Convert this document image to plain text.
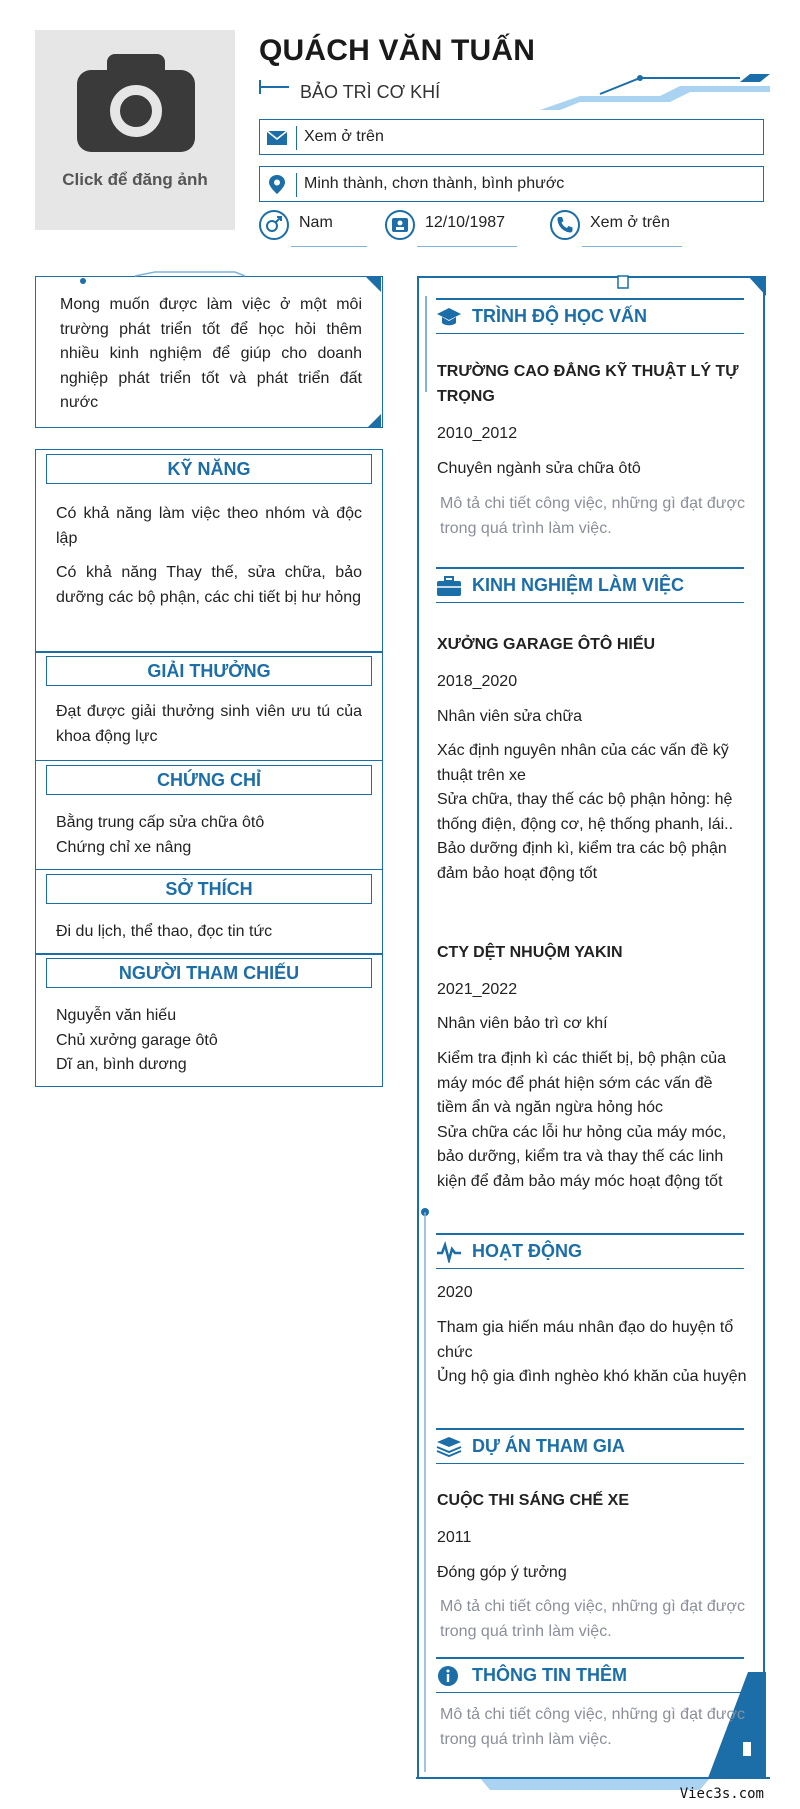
Click để đăng ảnh
QUÁCH VĂN TUẤN
BẢO TRÌ CƠ KHÍ
Xem ở trên
Minh thành, chơn thành, bình phước
Nam	12/10/1987	Xem ở trên
Mong muốn được làm việc ở một môi trường phát triển tốt để học hỏi thêm nhiều kinh nghiệm để giúp cho doanh nghiệp phát triển tốt và phát triển đất nước
KỸ NĂNG

Có khả năng làm việc theo nhóm và độc lập

Có khả năng Thay thế, sửa chữa, bảo dưỡng các bộ phận, các chi tiết bị hư hỏng

GIẢI THƯỞNG
Đạt được giải thưởng sinh viên ưu tú của khoa động lực
CHỨNG CHỈ
Bằng trung cấp sửa chữa ôtô
Chứng chỉ xe nâng
SỞ THÍCH
Đi du lịch, thể thao, đọc tin tức
NGƯỜI THAM CHIẾU
Nguyễn văn hiếu
Chủ xưởng garage ôtô
Dĩ an, bình dương
TRÌNH ĐỘ HỌC VẤN
TRƯỜNG CAO ĐẲNG KỸ THUẬT LÝ TỰ TRỌNG
2010_2012
Chuyên ngành sửa chữa ôtô
Mô tả chi tiết công việc, những gì đạt được trong quá trình làm việc.
KINH NGHIỆM LÀM VIỆC
XƯỞNG GARAGE ÔTÔ HIẾU
2018_2020
Nhân viên sửa chữa
Xác định nguyên nhân của các vấn đề kỹ thuật trên xe
Sửa chữa, thay thế các bộ phận hỏng: hệ thống điện, động cơ, hệ thống phanh, lái..
Bảo dưỡng định kì, kiểm tra các bộ phận đảm bảo hoạt động tốt
CTY DỆT NHUỘM YAKIN
2021_2022
Nhân viên bảo trì cơ khí
Kiểm tra định kì các thiết bị, bộ phận của máy móc để phát hiện sớm các vấn đề tiềm ẩn và ngăn ngừa hỏng hóc
Sửa chữa các lỗi hư hỏng của máy móc, bảo dưỡng, kiểm tra và thay thế các linh kiện để đảm bảo máy móc hoạt động tốt
HOẠT ĐỘNG
2020
Tham gia hiến máu nhân đạo do huyện tổ chức
Ủng hộ gia đình nghèo khó khăn của huyện
DỰ ÁN THAM GIA
CUỘC THI SÁNG CHẾ XE
2011
Đóng góp ý tưởng
Mô tả chi tiết công việc, những gì đạt được trong quá trình làm việc.
THÔNG TIN THÊM
Mô tả chi tiết công việc, những gì đạt được trong quá trình làm việc.
Viec3s.com
